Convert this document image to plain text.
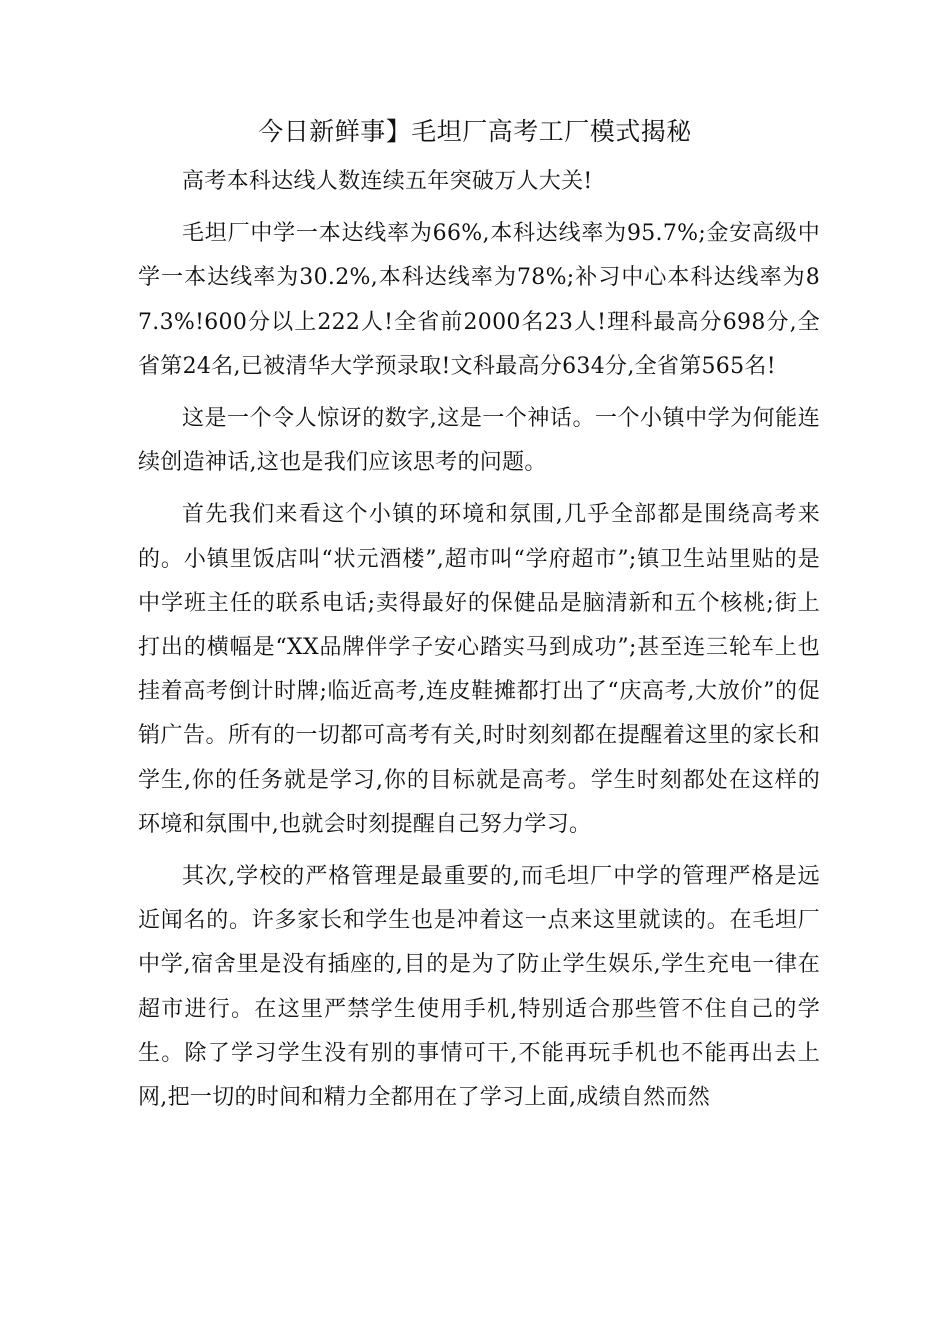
今日新鲜事】毛坦厂高考工厂模式揭秘

高考本科达线人数连续五年突破万人大关!

毛坦厂中学一本达线率为66%,本科达线率为95.7%;金安高级中学一本达线率为30.2%,本科达线率为78%;补习中心本科达线率为87.3%!600分以上222人!全省前2000名23人!理科最高分698分,全省第24名,已被清华大学预录取!文科最高分634分,全省第565名!

这是一个令人惊讶的数字,这是一个神话。一个小镇中学为何能连续创造神话,这也是我们应该思考的问题。

首先我们来看这个小镇的环境和氛围,几乎全部都是围绕高考来的。小镇里饭店叫“状元酒楼”,超市叫“学府超市”;镇卫生站里贴的是中学班主任的联系电话;卖得最好的保健品是脑清新和五个核桃;街上打出的横幅是“XX品牌伴学子安心踏实马到成功”;甚至连三轮车上也挂着高考倒计时牌;临近高考,连皮鞋摊都打出了“庆高考,大放价”的促销广告。所有的一切都可高考有关,时时刻刻都在提醒着这里的家长和学生,你的任务就是学习,你的目标就是高考。学生时刻都处在这样的环境和氛围中,也就会时刻提醒自己努力学习。

其次,学校的严格管理是最重要的,而毛坦厂中学的管理严格是远近闻名的。许多家长和学生也是冲着这一点来这里就读的。在毛坦厂中学,宿舍里是没有插座的,目的是为了防止学生娱乐,学生充电一律在超市进行。在这里严禁学生使用手机,特别适合那些管不住自己的学生。除了学习学生没有别的事情可干,不能再玩手机也不能再出去上网,把一切的时间和精力全都用在了学习上面,成绩自然而然
